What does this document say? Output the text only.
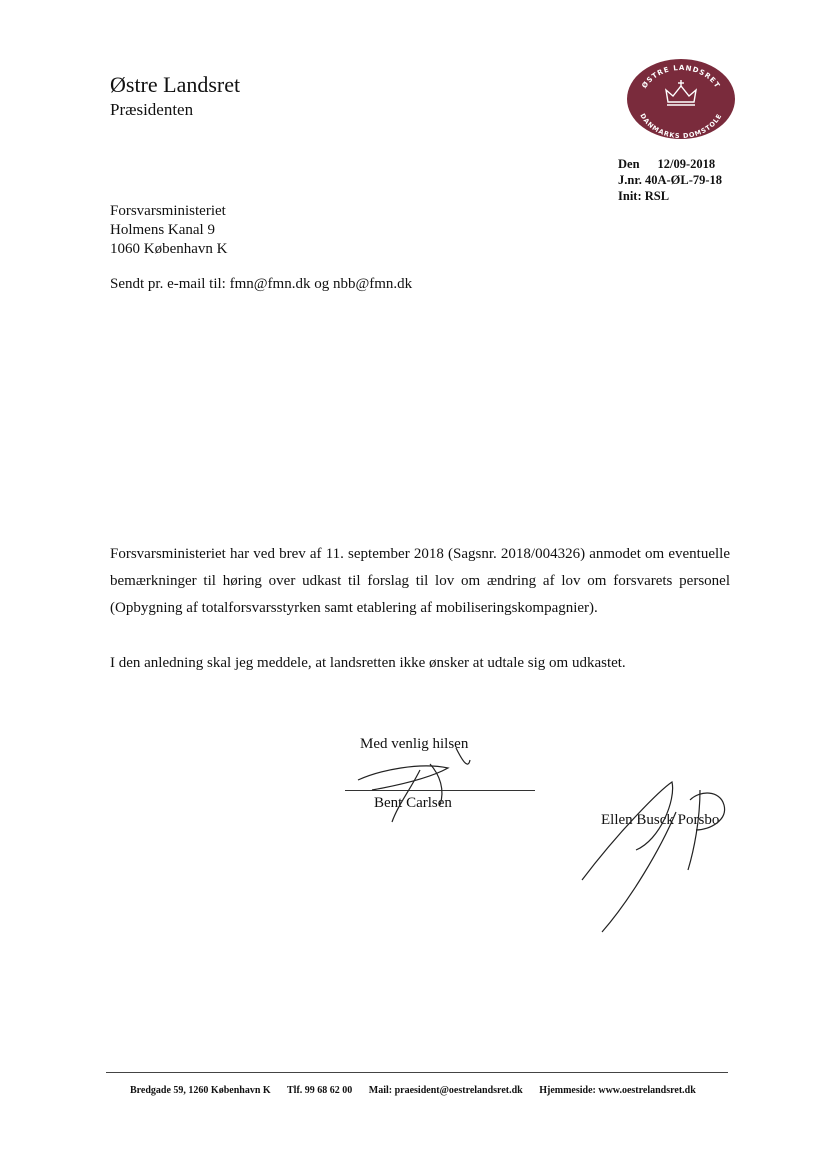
Østre Landsret
Præsidenten
ØSTRE LANDSRET
DANMARKS DOMSTOLE
Den 12/09-2018
J.nr. 40A-ØL-79-18
Init: RSL
Forsvarsministeriet
Holmens Kanal 9
1060 København K
Sendt pr. e-mail til: fmn@fmn.dk og nbb@fmn.dk
Forsvarsministeriet har ved brev af 11. september 2018 (Sagsnr. 2018/004326) anmodet om eventuelle bemærkninger til høring over udkast til forslag til lov om ændring af lov om forsvarets personel (Opbygning af totalforsvarsstyrken samt etablering af mobiliseringskompagnier).
I den anledning skal jeg meddele, at landsretten ikke ønsker at udtale sig om udkastet.
Med venlig hilsen
Bent Carlsen
Ellen Busck Porsbo
Bredgade 59, 1260 København K Tlf. 99 68 62 00 Mail: praesident@oestrelandsret.dk Hjemmeside: www.oestrelandsret.dk
